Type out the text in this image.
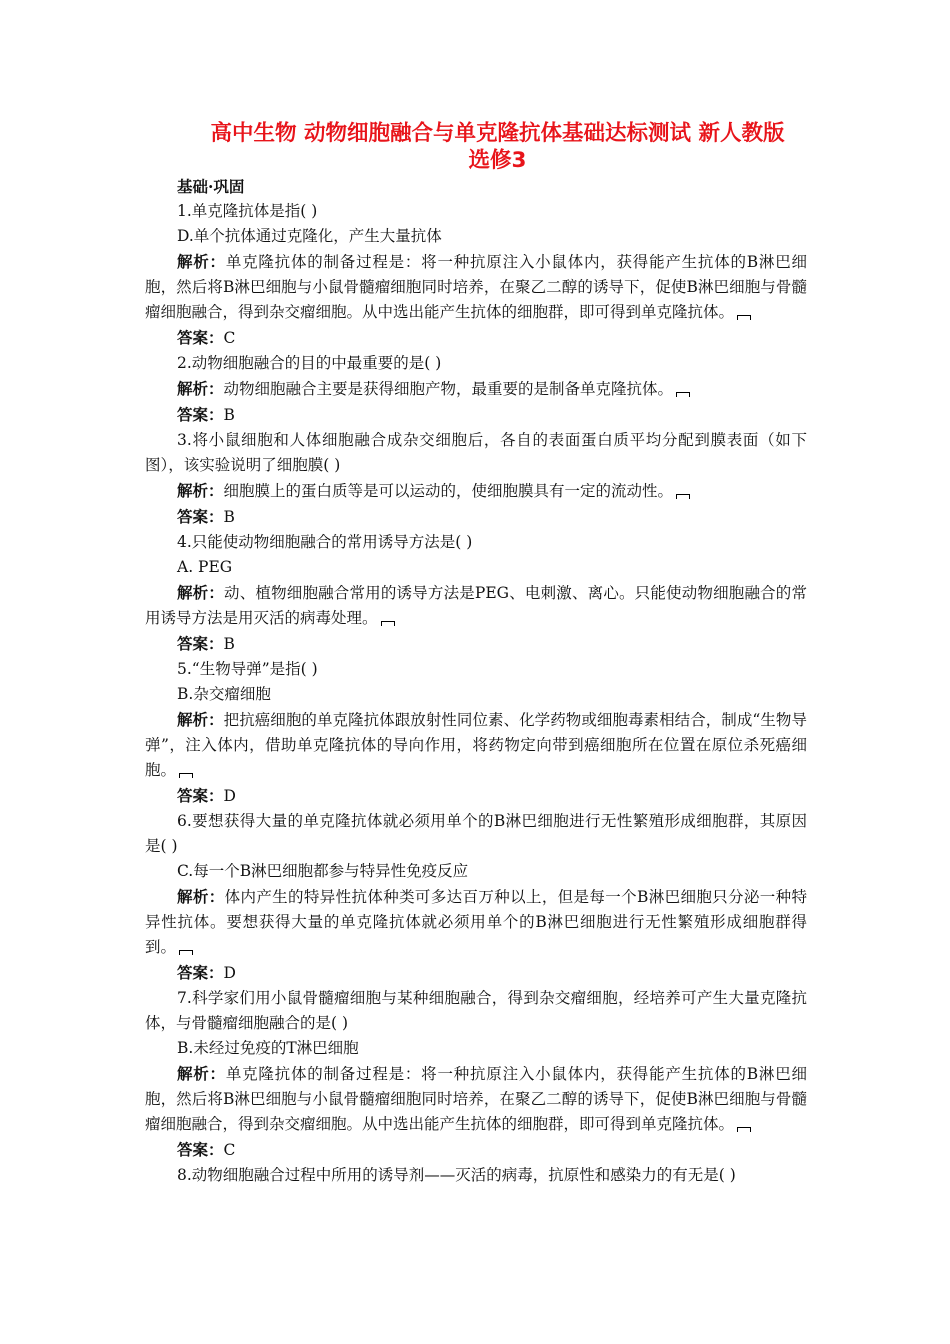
高中生物 动物细胞融合与单克隆抗体基础达标测试 新人教版
选修3

基础·巩固

1.单克隆抗体是指( )

D.单个抗体通过克隆化，产生大量抗体

解析：单克隆抗体的制备过程是：将一种抗原注入小鼠体内，获得能产生抗体的B淋巴细胞，然后将B淋巴细胞与小鼠骨髓瘤细胞同时培养，在聚乙二醇的诱导下，促使B淋巴细胞与骨髓瘤细胞融合，得到杂交瘤细胞。从中选出能产生抗体的细胞群，即可得到单克隆抗体。

答案：C

2.动物细胞融合的目的中最重要的是( )

解析：动物细胞融合主要是获得细胞产物，最重要的是制备单克隆抗体。

答案：B

3.将小鼠细胞和人体细胞融合成杂交细胞后，各自的表面蛋白质平均分配到膜表面（如下图），该实验说明了细胞膜( )

解析：细胞膜上的蛋白质等是可以运动的，使细胞膜具有一定的流动性。

答案：B

4.只能使动物细胞融合的常用诱导方法是( )

A. PEG

解析：动、植物细胞融合常用的诱导方法是PEG、电刺激、离心。只能使动物细胞融合的常用诱导方法是用灭活的病毒处理。

答案：B

5.“生物导弹”是指( )

B.杂交瘤细胞

解析：把抗癌细胞的单克隆抗体跟放射性同位素、化学药物或细胞毒素相结合，制成“生物导弹”，注入体内，借助单克隆抗体的导向作用，将药物定向带到癌细胞所在位置在原位杀死癌细胞。

答案：D

6.要想获得大量的单克隆抗体就必须用单个的B淋巴细胞进行无性繁殖形成细胞群，其原因是( )

C.每一个B淋巴细胞都参与特异性免疫反应

解析：体内产生的特异性抗体种类可多达百万种以上，但是每一个B淋巴细胞只分泌一种特异性抗体。要想获得大量的单克隆抗体就必须用单个的B淋巴细胞进行无性繁殖形成细胞群得到。

答案：D

7.科学家们用小鼠骨髓瘤细胞与某种细胞融合，得到杂交瘤细胞，经培养可产生大量克隆抗体，与骨髓瘤细胞融合的是( )

B.未经过免疫的T淋巴细胞

解析：单克隆抗体的制备过程是：将一种抗原注入小鼠体内，获得能产生抗体的B淋巴细胞，然后将B淋巴细胞与小鼠骨髓瘤细胞同时培养，在聚乙二醇的诱导下，促使B淋巴细胞与骨髓瘤细胞融合，得到杂交瘤细胞。从中选出能产生抗体的细胞群，即可得到单克隆抗体。

答案：C

8.动物细胞融合过程中所用的诱导剂——灭活的病毒，抗原性和感染力的有无是( )
